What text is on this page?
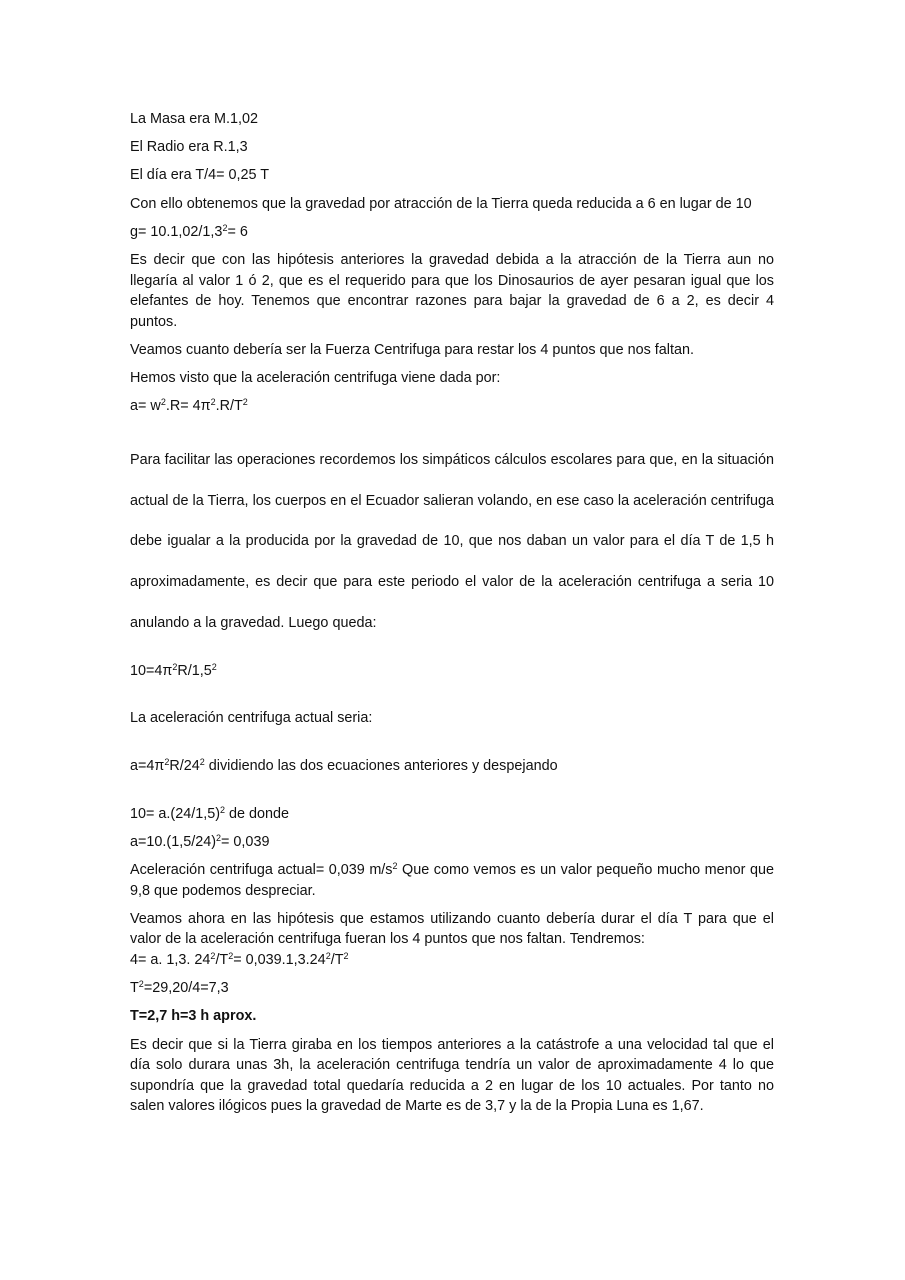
La Masa era M.1,02

El Radio era R.1,3

El día era T/4= 0,25 T

Con ello obtenemos que la gravedad por atracción de la Tierra queda reducida a 6 en lugar de 10

$g= 10.1,02/1,3^2= 6$

Es decir que con las hipótesis anteriores la gravedad debida a la atracción de la Tierra aun no llegaría al valor 1 ó 2, que es el requerido para que los Dinosaurios de ayer pesaran igual que los elefantes de hoy. Tenemos que encontrar razones para bajar la gravedad de 6 a 2, es decir 4 puntos.

Veamos cuanto debería ser la Fuerza Centrifuga para restar los 4 puntos que nos faltan.

Hemos visto que la aceleración centrifuga viene dada por:

$a= w^2.R= 4\pi^2.R/T^2$

Para facilitar las operaciones recordemos los simpáticos cálculos escolares para que, en la situación actual de la Tierra, los cuerpos en el Ecuador salieran volando, en ese caso la aceleración centrifuga debe igualar a la producida por la gravedad de 10, que nos daban un valor para el día T de 1,5 h aproximadamente, es decir que para este periodo el valor de la aceleración centrifuga a seria 10 anulando a la gravedad. Luego queda:

$10=4\pi^2R/1,5^2$

La aceleración centrifuga actual seria:

$a=4\pi^2R/24^2$ dividiendo las dos ecuaciones anteriores y despejando

$10= a.(24/1,5)^2$ de donde

$a=10.(1,5/24)^2= 0,039$

Aceleración centrifuga actual= 0,039 $m/s^2$ Que como vemos es un valor pequeño mucho menor que 9,8 que podemos despreciar.

Veamos ahora en las hipótesis que estamos utilizando cuanto debería durar el día T para que el valor de la aceleración centrifuga fueran los 4 puntos que nos faltan. Tendremos:

4= a. 1,3. $24^2/T^2= 0,039.1,3.24^2/T^2$

$T^2=29,20/4=7,3$

T=2,7 h=3 h aprox.

Es decir que si la Tierra giraba en los tiempos anteriores a la catástrofe a una velocidad tal que el día solo durara unas 3h, la aceleración centrifuga tendría un valor de aproximadamente 4 lo que supondría que la gravedad total quedaría reducida a 2 en lugar de los 10 actuales. Por tanto no salen valores ilógicos pues la gravedad de Marte es de 3,7 y la de la Propia Luna es 1,67.
